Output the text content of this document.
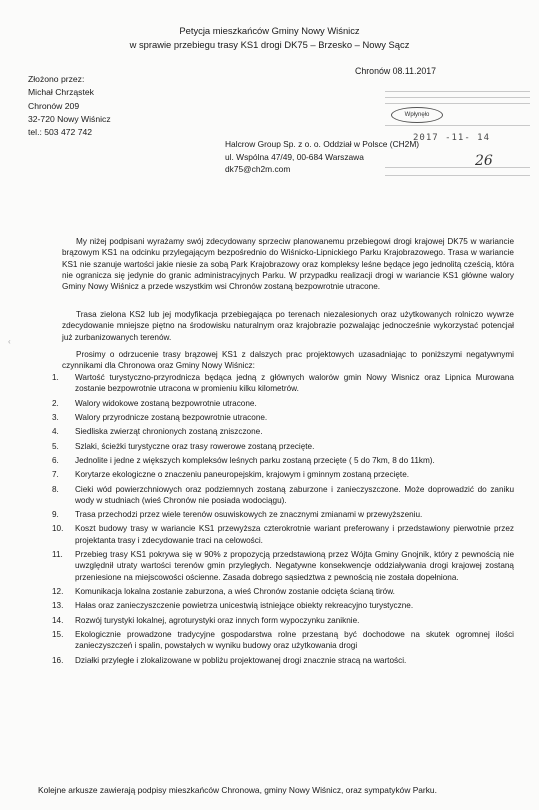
Petycja mieszkańców Gminy Nowy Wiśnicz
w sprawie przebiegu trasy KS1 drogi DK75 – Brzesko – Nowy Sącz
Złożono przez:
Michał Chrząstek
Chronów 209
32-720 Nowy Wiśnicz
tel.: 503 472 742
Chronów 08.11.2017
Wpłynęło
2017 -11- 14
26
Halcrow Group Sp. z o. o. Oddział w Polsce (CH2M)
ul. Wspólna 47/49, 00-684 Warszawa
dk75@ch2m.com
My niżej podpisani wyrażamy swój zdecydowany sprzeciw planowanemu przebiegowi drogi krajowej DK75 w wariancie brązowym KS1 na odcinku przylegającym bezpośrednio do Wiśnicko-Lipnickiego Parku Krajobrazowego. Trasa w wariancie KS1 nie szanuje wartości jakie niesie za sobą Park Krajobrazowy oraz kompleksy leśne będące jego jednolitą cześcią, która nie ogranicza się jedynie do granic administracyjnych Parku. W przypadku realizacji drogi w wariancie KS1 główne walory Gminy Nowy Wiśnicz a przede wszystkim wsi Chronów zostaną bezpowrotnie utracone.
Trasa zielona KS2 lub jej modyfikacja przebiegająca po terenach niezalesionych oraz użytkowanych rolniczo wywrze zdecydowanie mniejsze piętno na środowisku naturalnym oraz krajobrazie pozwalając jednocześnie wykorzystać potencjał już zurbanizowanych terenów.
Prosimy o odrzucenie trasy brązowej KS1 z dalszych prac projektowych uzasadniając to poniższymi negatywnymi czynnikami dla Chronowa oraz Gminy Nowy Wiśnicz:
‹
1. Wartość turystyczno-przyrodnicza będąca jedną z głównych walorów gmin Nowy Wisnicz oraz Lipnica Murowana zostanie bezpowrotnie utracona w promieniu kilku kilometrów.
2. Walory widokowe zostaną bezpowrotnie utracone.
3. Walory przyrodnicze zostaną bezpowrotnie utracone.
4. Siedliska zwierząt chronionych zostaną zniszczone.
5. Szlaki, ścieżki turystyczne oraz trasy rowerowe zostaną przecięte.
6. Jednolite i jedne z większych kompleksów leśnych parku zostaną przecięte ( 5 do 7km, 8 do 11km).
7. Korytarze ekologiczne o znaczeniu paneuropejskim, krajowym i gminnym zostaną przecięte.
8. Cieki wód powierzchniowych oraz podziemnych zostaną zaburzone i zanieczyszczone. Może doprowadzić do zaniku wody w studniach (wieś Chronów nie posiada wodociągu).
9. Trasa przechodzi przez wiele terenów osuwiskowych ze znacznymi zmianami w przewyższeniu.
10. Koszt budowy trasy w wariancie KS1 przewyższa czterokrotnie wariant preferowany i przedstawiony pierwotnie przez projektanta trasy i zdecydowanie traci na celowości.
11. Przebieg trasy KS1 pokrywa się w 90% z propozycją przedstawioną przez Wójta Gminy Gnojnik, który z pewnością nie uwzględnił utraty wartości terenów gmin przyległych. Negatywne konsekwencje oddziaływania drogi krajowej zostaną przeniesione na miejscowości ościenne. Zasada dobrego sąsiedztwa z pewnością nie została dopełniona.
12. Komunikacja lokalna zostanie zaburzona, a wieś Chronów zostanie odcięta ścianą tirów.
13. Hałas oraz zanieczyszczenie powietrza unicestwią istniejące obiekty rekreacyjno turystyczne.
14. Rozwój turystyki lokalnej, agroturystyki oraz innych form wypoczynku zaniknie.
15. Ekologicznie prowadzone tradycyjne gospodarstwa rolne przestaną być dochodowe na skutek ogromnej ilości zanieczyszczeń i spalin, powstałych w wyniku budowy oraz użytkowania drogi
16. Działki przyległe i zlokalizowane w pobliżu projektowanej drogi znacznie stracą na wartości.
Kolejne arkusze zawierają podpisy mieszkańców Chronowa, gminy Nowy Wiśnicz, oraz sympatyków Parku.
